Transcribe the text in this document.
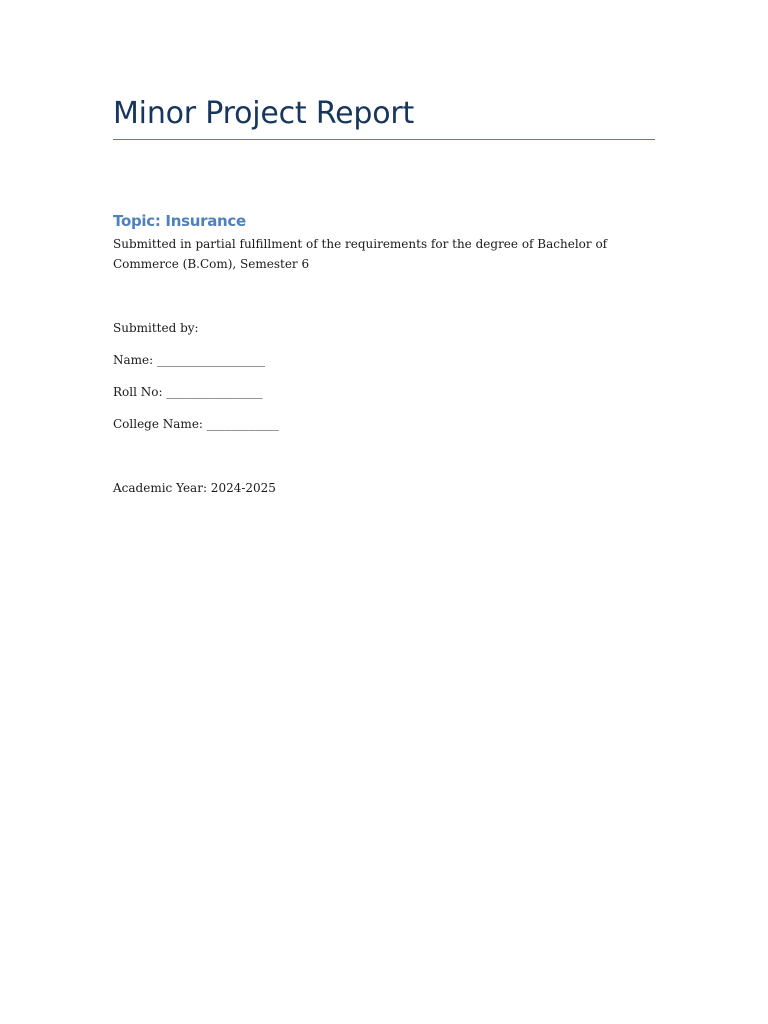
Minor Project Report
Topic: Insurance

Submitted in partial fulfillment of the requirements for the degree of Bachelor of Commerce (B.Com), Semester 6

Submitted by:

Name: __________________

Roll No: ________________

College Name: ____________

Academic Year: 2024-2025
